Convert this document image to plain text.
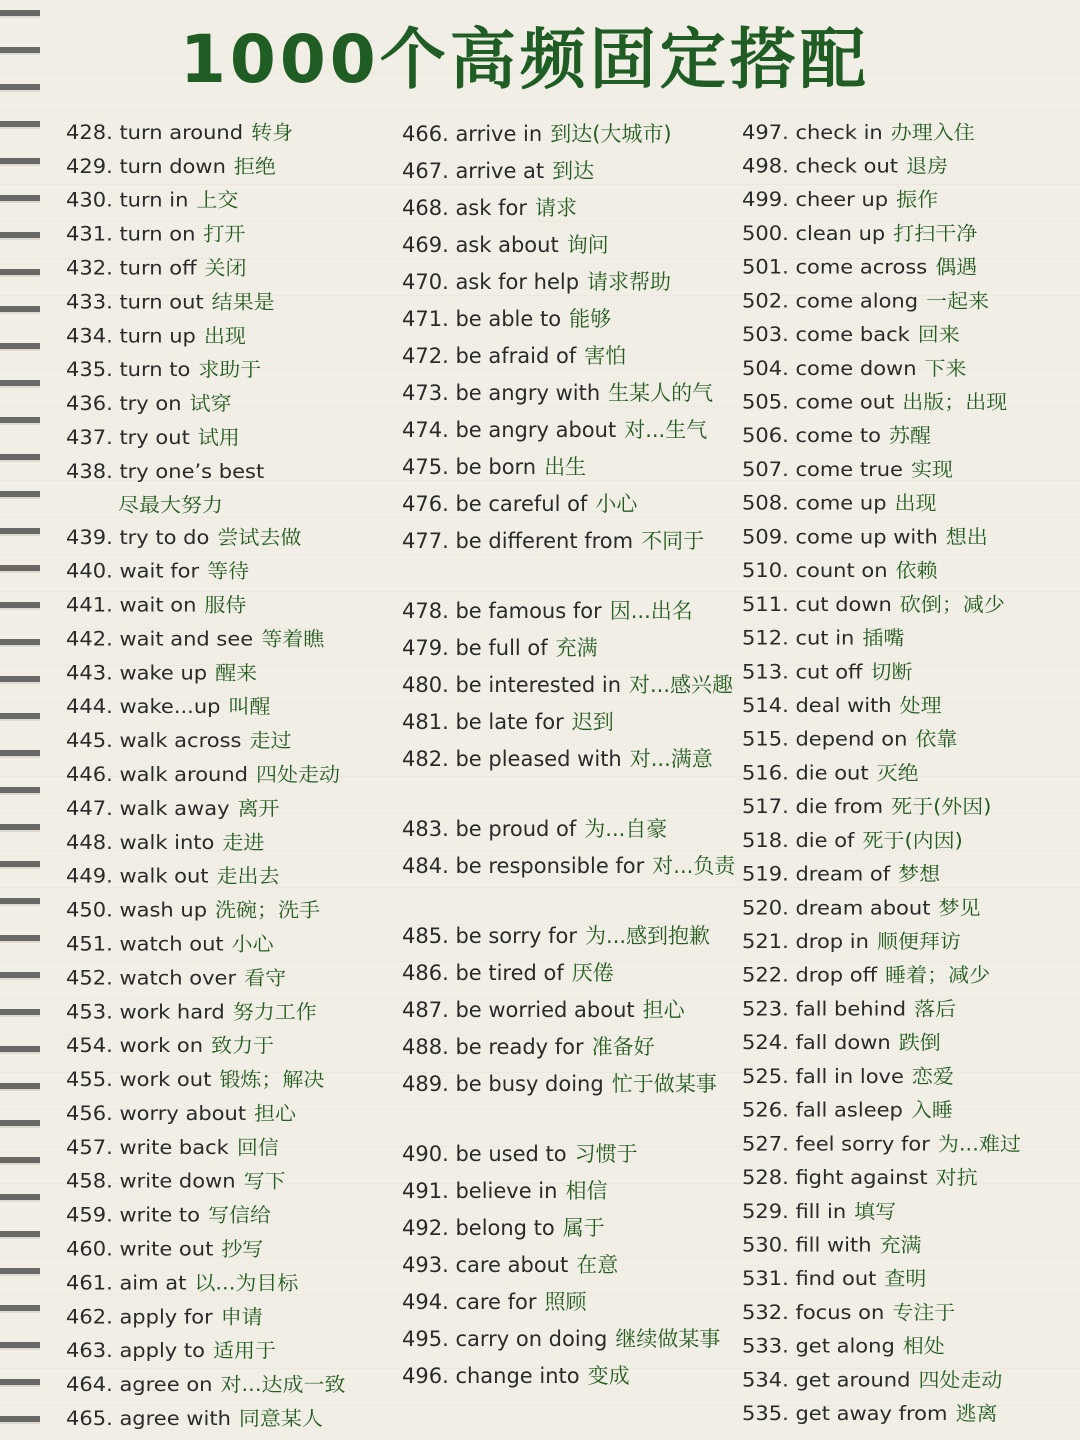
1000个高频固定搭配
428. turn around 转身
429. turn down 拒绝
430. turn in 上交
431. turn on 打开
432. turn off 关闭
433. turn out 结果是
434. turn up 出现
435. turn to 求助于
436. try on 试穿
437. try out 试用
438. try one’s best
尽最大努力
439. try to do 尝试去做
440. wait for 等待
441. wait on 服侍
442. wait and see 等着瞧
443. wake up 醒来
444. wake...up 叫醒
445. walk across 走过
446. walk around 四处走动
447. walk away 离开
448. walk into 走进
449. walk out 走出去
450. wash up 洗碗；洗手
451. watch out 小心
452. watch over 看守
453. work hard 努力工作
454. work on 致力于
455. work out 锻炼；解决
456. worry about 担心
457. write back 回信
458. write down 写下
459. write to 写信给
460. write out 抄写
461. aim at 以...为目标
462. apply for 申请
463. apply to 适用于
464. agree on 对...达成一致
465. agree with 同意某人
466. arrive in 到达(大城市)
467. arrive at 到达
468. ask for 请求
469. ask about 询问
470. ask for help 请求帮助
471. be able to 能够
472. be afraid of 害怕
473. be angry with 生某人的气
474. be angry about 对...生气
475. be born 出生
476. be careful of 小心
477. be different from 不同于
478. be famous for 因...出名
479. be full of 充满
480. be interested in 对...感兴趣
481. be late for 迟到
482. be pleased with 对...满意
483. be proud of 为...自豪
484. be responsible for 对...负责
485. be sorry for 为...感到抱歉
486. be tired of 厌倦
487. be worried about 担心
488. be ready for 准备好
489. be busy doing 忙于做某事
490. be used to 习惯于
491. believe in 相信
492. belong to 属于
493. care about 在意
494. care for 照顾
495. carry on doing 继续做某事
496. change into 变成
497. check in 办理入住
498. check out 退房
499. cheer up 振作
500. clean up 打扫干净
501. come across 偶遇
502. come along 一起来
503. come back 回来
504. come down 下来
505. come out 出版；出现
506. come to 苏醒
507. come true 实现
508. come up 出现
509. come up with 想出
510. count on 依赖
511. cut down 砍倒；减少
512. cut in 插嘴
513. cut off 切断
514. deal with 处理
515. depend on 依靠
516. die out 灭绝
517. die from 死于(外因)
518. die of 死于(内因)
519. dream of 梦想
520. dream about 梦见
521. drop in 顺便拜访
522. drop off 睡着；减少
523. fall behind 落后
524. fall down 跌倒
525. fall in love 恋爱
526. fall asleep 入睡
527. feel sorry for 为...难过
528. fight against 对抗
529. fill in 填写
530. fill with 充满
531. find out 查明
532. focus on 专注于
533. get along 相处
534. get around 四处走动
535. get away from 逃离
